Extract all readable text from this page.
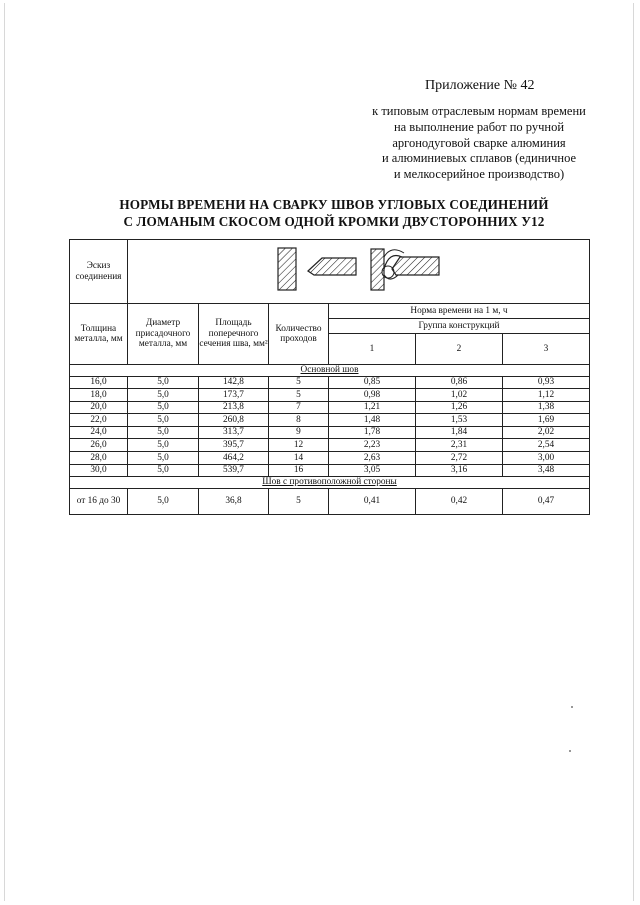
Приложение № 42
к типовым отраслевым нормам времени
на выполнение работ по ручной
аргонодуговой сварке алюминия
и алюминиевых сплавов (единичное
и мелкосерийное производство)
НОРМЫ ВРЕМЕНИ НА СВАРКУ ШВОВ УГЛОВЫХ СОЕДИНЕНИЙ
С ЛОМАНЫМ СКОСОМ ОДНОЙ КРОМКИ ДВУСТОРОННИХ У12
Эскиз соединения	
Толщина металла, мм	Диаметр присадочного металла, мм	Площадь поперечного сечения шва, мм²	Количество проходов	Норма времени на 1 м, ч		
				Группа конструкций		
				1	2	3
Основной шов						
16,0	5,0	142,8	5	0,85	0,86	0,93
18,0	5,0	173,7	5	0,98	1,02	1,12
20,0	5,0	213,8	7	1,21	1,26	1,38
22,0	5,0	260,8	8	1,48	1,53	1,69
24,0	5,0	313,7	9	1,78	1,84	2,02
26,0	5,0	395,7	12	2,23	2,31	2,54
28,0	5,0	464,2	14	2,63	2,72	3,00
30,0	5,0	539,7	16	3,05	3,16	3,48
Шов с противоположной стороны						
от 16 до 30	5,0	36,8	5	0,41	0,42	0,47
